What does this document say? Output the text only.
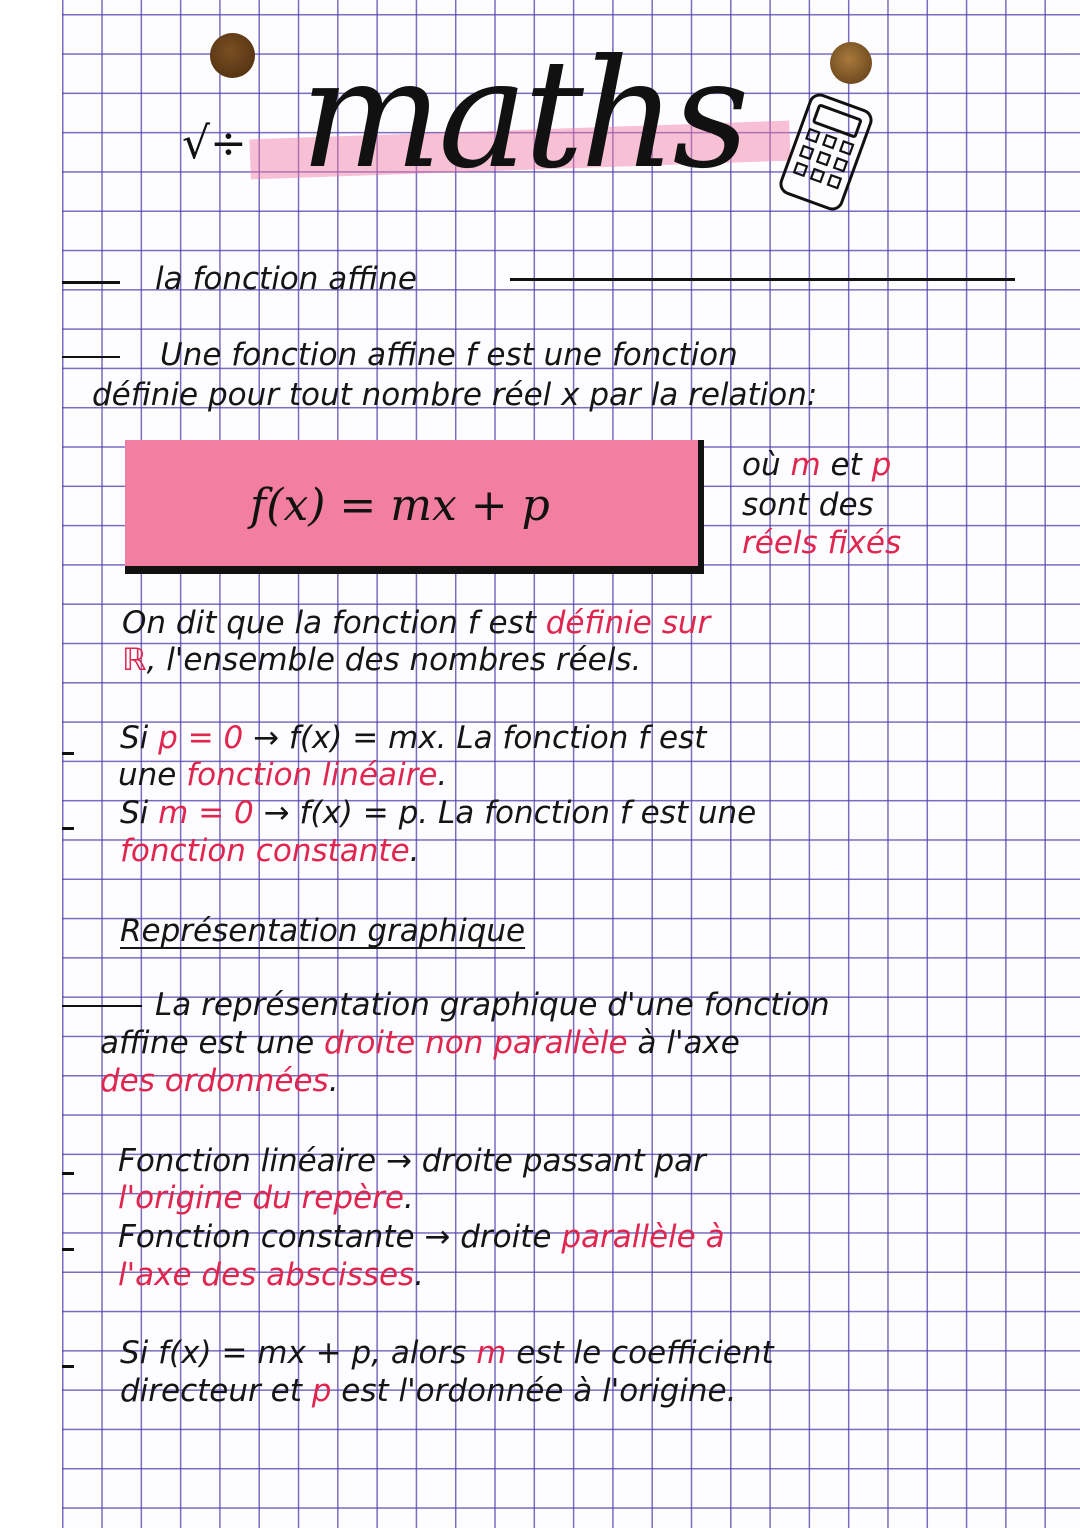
√÷ maths
la fonction affine
f(x) = mx + p
Une fonction affine f est une fonction
définie pour tout nombre réel x par la relation:
où m et p
sont des
réels fixés
On dit que la fonction f est définie sur
ℝ, l'ensemble des nombres réels.
Si p = 0 → f(x) = mx. La fonction f est
une fonction linéaire.
Si m = 0 → f(x) = p. La fonction f est une
fonction constante.
Représentation graphique
La représentation graphique d'une fonction
affine est une droite non parallèle à l'axe
des ordonnées.
Fonction linéaire → droite passant par
l'origine du repère.
Fonction constante → droite parallèle à
l'axe des abscisses.
Si f(x) = mx + p, alors m est le coefficient
directeur et p est l'ordonnée à l'origine.
